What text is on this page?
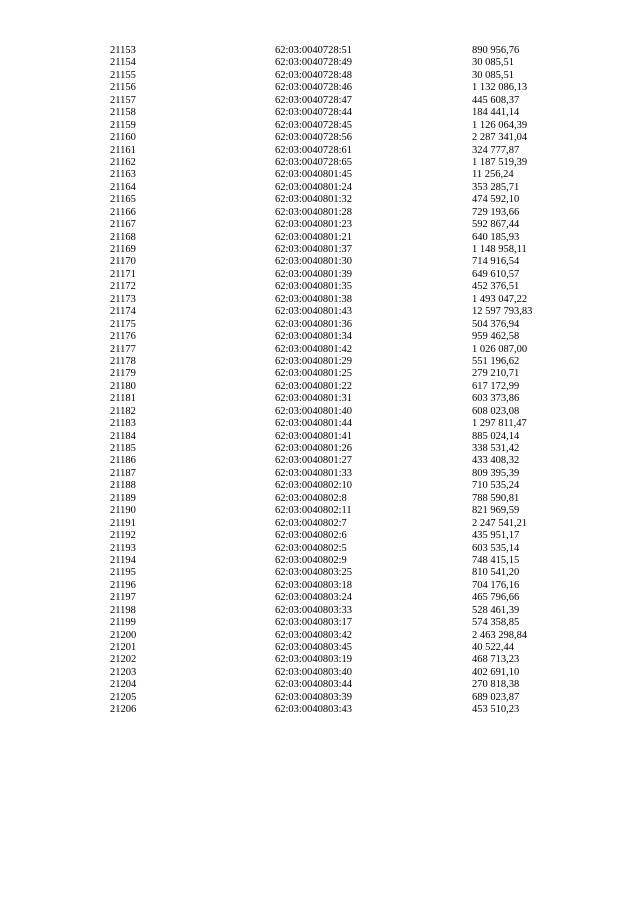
21153	62:03:0040728:51	890 956,76
21154	62:03:0040728:49	30 085,51
21155	62:03:0040728:48	30 085,51
21156	62:03:0040728:46	1 132 086,13
21157	62:03:0040728:47	445 608,37
21158	62:03:0040728:44	184 441,14
21159	62:03:0040728:45	1 126 064,39
21160	62:03:0040728:56	2 287 341,04
21161	62:03:0040728:61	324 777,87
21162	62:03:0040728:65	1 187 519,39
21163	62:03:0040801:45	11 256,24
21164	62:03:0040801:24	353 285,71
21165	62:03:0040801:32	474 592,10
21166	62:03:0040801:28	729 193,66
21167	62:03:0040801:23	592 867,44
21168	62:03:0040801:21	640 185,93
21169	62:03:0040801:37	1 148 958,11
21170	62:03:0040801:30	714 916,54
21171	62:03:0040801:39	649 610,57
21172	62:03:0040801:35	452 376,51
21173	62:03:0040801:38	1 493 047,22
21174	62:03:0040801:43	12 597 793,83
21175	62:03:0040801:36	504 376,94
21176	62:03:0040801:34	959 462,58
21177	62:03:0040801:42	1 026 087,00
21178	62:03:0040801:29	551 196,62
21179	62:03:0040801:25	279 210,71
21180	62:03:0040801:22	617 172,99
21181	62:03:0040801:31	603 373,86
21182	62:03:0040801:40	608 023,08
21183	62:03:0040801:44	1 297 811,47
21184	62:03:0040801:41	885 024,14
21185	62:03:0040801:26	338 531,42
21186	62:03:0040801:27	433 408,32
21187	62:03:0040801:33	809 395,39
21188	62:03:0040802:10	710 535,24
21189	62:03:0040802:8	788 590,81
21190	62:03:0040802:11	821 969,59
21191	62:03:0040802:7	2 247 541,21
21192	62:03:0040802:6	435 951,17
21193	62:03:0040802:5	603 535,14
21194	62:03:0040802:9	748 415,15
21195	62:03:0040803:25	810 541,20
21196	62:03:0040803:18	704 176,16
21197	62:03:0040803:24	465 796,66
21198	62:03:0040803:33	528 461,39
21199	62:03:0040803:17	574 358,85
21200	62:03:0040803:42	2 463 298,84
21201	62:03:0040803:45	40 522,44
21202	62:03:0040803:19	468 713,23
21203	62:03:0040803:40	402 691,10
21204	62:03:0040803:44	270 818,38
21205	62:03:0040803:39	689 023,87
21206	62:03:0040803:43	453 510,23
